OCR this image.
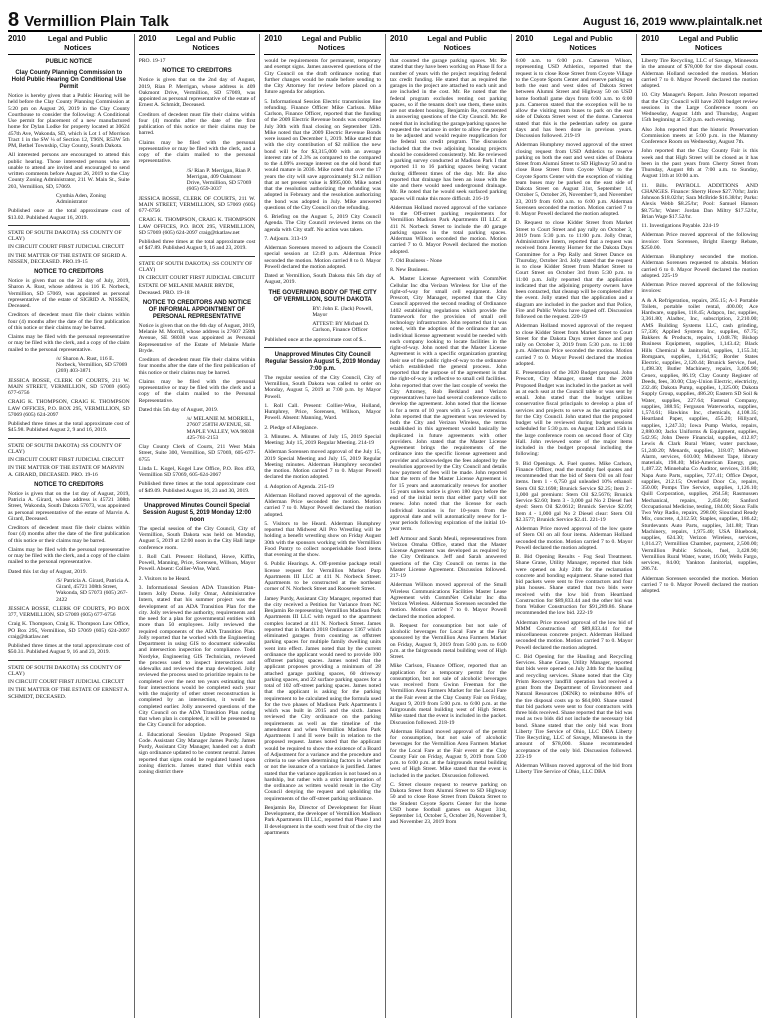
8 Vermillion Plain Talk	August 16, 2019 www.plaintalk.net
2010	Legal and Public
Notices
PUBLIC NOTICE
Clay County Planning Commission to Hold Public Hearing On Conditional Use Permit
Notice is hereby given that a Public Hearing will be held before the Clay County Planning Commission at 5:20 pm on August 26, 2019 in the Clay County Courthouse to consider the following: A Conditional Use permit for placement of a new manufactured home for Dylan Lodke for property located at 30624 457th Ave, Wakonda, SD, which is Lot 1 of Morrison Tract 1 in the SW ¼ of Section 12, T96N, R53W 5th PM, Bethel Township, Clay County, South Dakota.
All interested persons are encouraged to attend this public hearing. Those interested persons who are unable to attend are invited and encouraged to send written comments before August 26, 2019 to the Clay County Zoning Administrator, 211 W. Main St., Suite 203, Vermillion, SD, 57069.
Cynthia Aden, Zoning Administrator
Published once at the total approximate cost of $13.02. Published August 16, 2019.
STATE OF SOUTH DAKOTA) :SS COUNTY OF CLAY)
IN CIRCUIT COURT FIRST JUDICIAL CIRCUIT
IN THE MATTER OF THE ESTATE OF SIGRID A. NISSEN, DECEASED. PRO.19-15
NOTICE TO CREDITORS
Notice is given that on the 24 day of July, 2019, Sharon A. Rust, whose address is 116 E. Norbeck, Vermillion, SD 57069, was appointed as personal representative of the estate of SIGRID A. NISSEN, Deceased.
Creditors of decedent must file their claims within four (4) months after the date of the first publication of this notice or their claims may be barred.
Claims may be filed with the personal representative or may be filed with the clerk, and a copy of the claim mailed to the personal representative.
/s/ Sharon A. Rust, 116 E. Norbeck, Vermillion, SD 57069 (269) 403-3871
JESSICA BOSSE, CLERK OF COURTS, 211 W. MAIN STREET, VERMILLION, SD 57069 (605) 677-6756
CRAIG K. THOMPSON, CRAIG K. THOMPSON LAW OFFICES, P.O. BOX 295, VERMILLION, SD 57069 (605) 624-2097
Published three times at the total approximate cost of $45.98. Published August 2, 9 and 16, 2019.
STATE OF SOUTH DAKOTA) :SS COUNTY OF CLAY)
IN CIRCUIT COURT FIRST JUDICIAL CIRCUIT
IN THE MATTER OF THE ESTATE OF MARVIN A. GIRARD, DECEASED. PRO. 19-16
NOTICE TO CREDITORS
Notice is given that on the 1st day of August, 2019, Patricia A. Girard, whose address is 45721 308th Street, Wakonda, South Dakota 57073, was appointed as personal representative of the estate of Marvin A. Girard, Deceased.
Creditors of decedent must file their claims within four (4) months after the date of the first publication of this notice or their claims may be barred.
Claims may be filed with the personal representative or may be filed with the clerk, and a copy of the claim mailed to the personal representative.
Dated this 1st day of August, 2019.
/S/ Patricia A. Girard, Patricia A. Girard, 45721 308th Street, Wakonda, SD 57073 (605) 267-2422
JESSICA BOSSE, CLERK OF COURTS, PO BOX 377, VERMILLION, SD 57069 (605) 677-6756
Craig K. Thompson, Craig K. Thompson Law Office, PO Box 295, Vermillion, SD 57069 (605) 624-2097 craig@tkatlaw.net
Published three times at the total approximate cost of $50.31. Published August 9, 16 and 23, 2019.
STATE OF SOUTH DAKOTA) :SS COUNTY OF CLAY)
IN CIRCUIT COURT FIRST JUDICIAL CIRCUIT
IN THE MATTER OF THE ESTATE OF ERNEST A. SCHMIDT, DECEASED.
2010	Legal and Public
Notices
PRO. 19-17
NOTICE TO CREDITORS
Notice is given that on the 2nd day of August, 2019, Rian P. Merrigan, whose address is 409 Oakmont Drive, Vermillion, SD 57069, was appointed as personal representative of the estate of Ernest A. Schmidt, Deceased.
Creditors of decedent must file their claims within four (4) months after the date of the first publication of this notice or their claims may be barred.
Claims may be filed with the personal representative or may be filed with the clerk, and a copy of the claim mailed to the personal representative.
/S/ Rian P. Merrigan, Rian P. Merrigan, 409 Oakmont Drive, Vermillion, SD 57069 (605) 659-3037
JESSICA BOSSE, CLERK OF COURTS, 211 W. MAIN STREET, VERMILLION, SD 57069 (605) 677-6756
CRAIG K. THOMPSON, CRAIG K. THOMPSON LAW OFFICES, P.O. BOX 295, VERMILLION, SD 57069 (605) 624-2097 craig@tkatlaw.net
Published three times at the total approximate cost of $47.89. Published August 9, 16 and 23, 2019.
STATE OF SOUTH DAKOTA) :SS COUNTY OF CLAY)
IN CIRCUIT COURT FIRST JUDICIAL CIRCUIT
ESTATE OF MELANIE MARIE BRYDE, Deceased. PRO. 19-18
NOTICE TO CREDITORS AND NOTICE OF INFORMAL APPOINTMENT OF PERSONAL REPRESENTATIVE
Notice is given that on the 6th day of August, 2019, Melanie M. Morrill, whose address is 27607 258th Avenue, SE 98038 was appointed as Personal Representative of the Estate of Melanie Marie Bryde.
Creditors of decedent must file their claims within four months after the date of the first publication of this notice or their claims may be barred.
Claims may be filed with the personal representative or may be filed with the clerk and a copy of the claim mailed to the Personal Representative.
Dated this 5th day of August, 2019.
/s/ MELANIE M. MORRILL, 27607 258TH AVENUE, SE MAPLE VALLEY, WA 98038 425-761-2153
Clay County Clerk of Courts, 211 West Main Street, Suite 300, Vermillion, SD 57069, 605-677-6755
Linda L. Kogel, Kogel Law Office, P.O. Box 493, Vermillion SD 57069, 605-624-2067
Published three times at the total approximate cost of $49.09. Published August 16, 23 and 30, 2019.
Unapproved Minutes Council Special Session August 5, 2019 Monday 12:00 noon
The special session of the City Council, City of Vermillion, South Dakota was held on Monday, August 5, 2019 at 12:00 noon in the City Hall large conference room.
1. Roll Call. Present: Holland, Howe, Kiffin, Powell, Manning, Price, Sorensen, Willson, Mayor Powell. Absent: Collier-Wise, Ward.
2. Visitors to be Heard.
3. Informational Session ADA Transition Plan-Intern Jolly Dorse. Jolly Omar, Administrative Intern, stated that his summer project was the development of an ADA Transition Plan for the city. Jolly reviewed the authority, requirements and the need for a plan for governmental entities with more than 50 employees. Jolly reviewed the required components of the ADA Transition Plan. Jolly reported that he worked with the Engineering Department in using GIS to document sidewalks and intersection inspection for compliance. Todd Nordyke, Engineering GIS Technician, reviewed the process used to inspect intersections and sidewalks and reviewed the map developed. Jolly reviewed the process used to prioritize repairs to be completed over the next ten years estimating that four intersections would be completed each year with the majority of other street reconstruction is completed by an intersection, it would be completed earlier. Jolly answered questions of the City Council on the ADA Transition Plan noting that when plan is completed, it will be presented to the City Council for adoption.
4. Educational Session Update Proposed Sign Code. Assistant City Manager James Purdy. James Purdy, Assistant City Manager, handed out a draft sign ordinance updated to be content neutral. James reported that signs could be regulated based upon zoning districts. James stated that within each zoning district there
2010	Legal and Public
Notices
would be requirements for permanent, temporary and exempt signs. James answered questions of the City Council on the draft ordinance noting that further changes would be made before sending to the City Attorney for review before placed on a future agenda for adoption.
5. Informational Session Electric transmission line refunding. Finance Officer Mike Carlson. Mike Carlson, Finance Officer, reported that the funding of the 2009 Electric Revenue bonds was completed July 30th with final closing on September 12th. Mike noted that the 2009 Electric Revenue Bonds were issued on December 1, 2019. Mike stated that with the city contribution of $2 million the new bond will be for $3,315,000 with an average interest rate of 2.3% as compared to the compared to the 4.09% average interest on the old bond that would mature in 2036. Mike noted that over the 17 years the city will save approximately $1.2 million that at net present value is $995,000. Mike noted that the resolution authorizing the refunding was adopted in February and the resolution authorizing the bond was adopted in July. Mike answered questions of the City Council on the refunding.
6. Briefing on the August 5, 2019 City Council Agenda. The City Council reviewed items on the agenda with City staff. No action was taken.
7. Adjourn. 313-19
Alderman Sorensen moved to adjourn the Council special session at 12:49 p.m. Alderman Price seconded the motion. Motion carried 8 to 0. Mayor Powell declared the motion adopted.
Dated at Vermillion, South Dakota this 5th day of August, 2019.
THE GOVERNING BODY OF THE CITY OF VERMILLION, SOUTH DAKOTA
BY: John E. (Jack) Powell, Mayor
ATTEST: BY Michael D. Carlson, Finance Officer
Published once at the approximate cost of $...
Unapproved Minutes City Council Regular Session August 5, 2019 Monday 7:00 p.m.
The regular session of the City Council, City of Vermillion, South Dakota was called to order on Monday, August 5, 2019 at 7:00 p.m. by Mayor Powell.
1. Roll Call. Present: Collier-Wise, Holland, Humphrey, Price, Sorensen, Willson, Mayor Powell. Absent: Manning, Ward.
2. Pledge of Allegiance.
3. Minutes. A. Minutes of July 15, 2019 Special Meeting; July 15, 2019 Regular Meeting. 214-19
Alderman Sorensen moved approval of the July 15, 2019 Special Meeting and July 15, 2019 Regular Meeting minutes. Alderman Humphrey seconded the motion. Motion carried 7 to 0. Mayor Powell declared the motion adopted.
4. Adoption of Agenda. 215-19
Alderman Holland moved approval of the agenda. Alderman Price seconded the motion. Motion carried 7 to 0. Mayor Powell declared the motion adopted.
5. Visitors to be Heard. Alderman Humphrey reported that Midwest All Pro Wrestling will be holding a benefit wrestling show on Friday August 30th with the sponsors working with the Vermillion Food Pantry to collect nonperishable food items that evening at the show.
6. Public Hearings. A. Off-premise package retail license request for Vermillion Market Parp Apartments III LLC at 411 N. Norbeck Street. Apartments to be constructed at the northeast corner of N. Norbeck Street and Roosevelt Street.
Jamey Purdy, Assistant City Manager, reported that the city received a Petition for Variance from NC Benjamin Re representing Vermillion Madison Park Apartments III LLC with regard to the apartment complex located at 411 N. Norbeck Street. James reported that in March 2018 Ordinance 1367 which eliminated garages from counting as offstreet parking spaces for multiple family dwelling units went into effect. James noted that by the current ordinance the applicant would need to provide 100 offstreet parking spaces. James noted that the applicant proposes providing a minimum of 28 attached garage parking spaces, 60 driveway parking spaces, and 22 surface parking spaces for a total of 102 off-street parking spaces. James noted that the applicant is asking for the parking requirement to be calculated using the formula used for the two phases of Madison Park Apartments I which was built in 2015 and the sixth. James reviewed the City ordinance on the parking requirements as well as the timeline of the amendment and when Vermillion Madison Park Apartments I and II were built in relation to the proposed request. James noted that the applicant would be required to show the existence of a Board of Adjustment for a variance and the procedure and criteria to use when determining factors in whether or not the issuance of a variance is justified. James stated that the variance application is not based on a hardship, but rather with a strict interpretation of the ordinance as written would result in the City Council denying the request and upholding the requirements of the off-street parking ordinance.
Benjamin Re, Director of Development for Hunt Development, the developer of Vermillion Madison Park Apartments III LLC, reported that Phase I and II development in the south west fruit of the city the apartments
2010	Legal and Public
Notices
that counted the garage parking spaces. Mr. Re stated that they have been working on Phase II for a number of years with the project requiring federal tax credit funding. He stated that as required the garages in the project are attached to each unit and are included in the cost. Mr. Re noted that the federal program excludes renting out parking spaces, so if the tenants don't use them, these units are not student housing. Benjamin Re, commented in answering questions of the City Council. Mr. Re noted that in including the garage/parking spaces he requested the variance in order to allow the project to be adjusted and would require reapplication for the federal tax credit program. The discussion included that the two adjoining housing projects should be considered consistently. Mr. Re reviewed a parking survey conducted at Madison Park I that reported 11 to 16 parking spaces being vacant during different times of the day. Mr. Re also reported that drainage has been an issue with the site and there would need underground drainage. Mr. Re noted that he would seek surfaced parking spaces will make this more difficult. 216-19
Alderman Holland moved approval of the variance to the Off-street parking requirements for Vermillion Madison Park Apartments III LLC at 411 N. Norbeck Street to include the 40 garage parking spaces in the total parking spaces. Alderman Willson seconded the motion. Motion carried 7 to 0. Mayor Powell declared the motion adopted.
7. Old Business - None
8. New Business.
A. Master License Agreement with CommNet Cellular Inc dba Verizon Wireless for Use of the right-of-way for small cell equipment. John Prescott, City Manager, reported that the City Council approved the second reading of Ordinance 1402 establishing regulations which provide the framework for the provision of small cell technology infrastructure. John reported that it was noted, with the adoption of the ordinance that an individual license agreement would be needed with each company looking to locate facilities in the right-of-way. John noted that the Master License Agreement is with a specific organization granting their use of the public right-of-way to the ordinance which established the general process. John reported that the purpose of the agreement is that the right-of-way is reflective to small cell facilities. John reported that over the last couple of weeks the City Attorney, Rob Berkland and Verizon representatives have had several conference calls to develop the agreement. John noted that the license is for a term of 10 years with a 5 year extension. John reported that the agreement was reviewed by both the City and Verizon Wireless, the terms established in this agreement would basically be duplicated in future agreements with other providers. John stated that the Master License Agreement brings the requirements of the ordinance into the specific license agreement and provider and acknowledges the fees adopted by the resolution approved by the City Council and details how payment of fees will be made. John reported that the term of the Master License Agreement is for 15 years and automatically renews for another 15 years unless notice is given 180 days before the end of the initial term that either party will not renew. John noted that the license for each individual location is for 10-years from the approval date and will automatically renew for 1-year periods following expiration of the initial 10-year term.
Jeff Armour and Sarah Meuli, representatives from Verizon Omaha Office, stated that the Master License Agreement was developed as required by the City Ordinance. Jeff and Sarah answered questions of the City Council on terms in the Master License Agreement. Discussion followed. 217-19
Alderman Willson moved approval of the Small Wireless Communications Facilities Master Lease Agreement with CommNet Cellular Inc dba Verizon Wireless. Alderman Sorensen seconded the motion. Motion carried 7 to 0. Mayor Powell declared the motion adopted.
B. Request for consumption but not sale of alcoholic beverages for Local Fare at the Fair sponsored by the Vermillion Area Farmers Market on Friday, August 9, 2019 from 5:00 p.m. to 6:00 p.m. at the fairgrounds metal building west of High Street.
Mike Carlson, Finance Officer, reported that an application for a temporary permit for the consumption, but not sale of alcoholic beverages was received from Gwinn Freeman for the Vermillion Area Farmers Market for the Local Fare at the Fair event at the Clay County Fair on Friday, August 9, 2019 from 5:00 p.m. to 6:00 p.m. at the fairgrounds metal building west of High Street. Mike stated that the event is included in the packet. Discussion followed. 218-19
Alderman Holland moved approval of the permit for consumption, but not sale of alcoholic beverages for the Vermillion Area Farmers Market for the Local Fare at the Fair event at the Clay County Fair on Friday, August 9, 2019 from 5:00 p.m. to 6:00 p.m. at the fairgrounds metal building west of High Street. Mike stated that the event is included in the packet. Discussion followed.
C. Street closure request to reserve parking on Dakota Street from Alumni Street to SD Highway 50 and to close Rose Street from Dakota Street to the Student Coyote Sports Center for the home USD home football games on August 31st, September 14, October 5, October 26, November 9, and November 23, 2019 from
2010	Legal and Public
Notices
6:00 a.m. to 6:00 p.m. Cameron Wilson, representing USD Athletics, reported that the request is to close Rose Street from Coyote Village to the Coyote Sports Center and reserve parking on both the east and west sides of Dakota Street between Alumni Street and Highway 50 on USD home football game days from 6:00 a.m. to 6:00 p.m. Cameron stated that the exception will be to allow the visiting team buses to park on the east side of Dakota Street west of the dome. Cameron stated that this is the pedestrian safety on game days and has been done in previous years. Discussion followed. 219-19
Alderman Humphrey moved approval of the street closing request from USD Athletics to reserve parking on both the east and west sides of Dakota Street from Alumni Street to SD Highway 50 and to close Rose Street from Coyote Village to the Coyote Sports Center with the exception of visiting team buses may be parked on the east side of Dakota Street on August 31st, September 14, October 5, October 26, November 9, and November 23, 2019 from 6:00 a.m. to 6:00 p.m. Alderman Sorensen seconded the motion. Motion carried 7 to 0. Mayor Powell declared the motion adopted.
D. Request to close Kidder Street from Market Street to Court Street and pay rally on October 3, 2019 from 5:30 p.m. to 11:00 p.m. Jolly Omar, Administrative Intern, reported that a request was received from Jeremy Horner for the Dakota Days Committee for a Pep Rally and Street Dance on Thursday, October 3rd. Jolly stated that the request is to close Kidder Street from Market Street to Court Street on October 3rd from 5:30 p.m. to 11:00 p.m. Jolly reported that the application indicated that the adjoining property owners have been contacted, that cleanup will be completed after the event. Jolly stated that the application and a diagram are included in the packet and that Police, Fire and Public Works have signed off. Discussion followed on the request. 220-19
Alderman Holland moved approval of the request to close Kidder Street from Market Street to Court Street for the Dakota Days street dance and pep rally on October 3, 2019 from 5:30 p.m. to 11:00 p.m. Alderman Price seconded the motion. Motion carried 7 to 0. Mayor Powell declared the motion adopted.
E. Presentation of the 2020 Budget proposal. John Prescott, City Manager, stated that the 2020 Proposed Budget was included in the packet as well as at each seat at the Council table or was sent by email. John stated that the budget utilizes conservative fiscal principals to develop a plan of services and projects to serve as the starting point for the City Council. John stated that the proposed budget will be reviewed during budget sessions scheduled for 5:30 p.m. on August 12th and 15th in the large conference room on second floor of City Hall. John reviewed some of the major items included in the budget proposal including the following:
9. Bid Openings. A. Fuel quotes. Mike Carlson, Finance Officer, read the monthly fuel quotes and recommended that the bid of Stern Oil on all four items. Item 1 - 6,750 gal unleaded 10% ethanol: Stern Oil $2.1698; Brunick Service $2.25; Item 2 - 1,000 gal premium: Stern Oil $2.5676; Brunick Service $2.60; Item 3 - 3,000 gal No 2 Diesel fuel dyed: Stern Oil $2.0612; Brunick Service $2.09; Item 4 - 1,000 gal No 2 Diesel clear: Stern Oil $2.3577; Brunick Service $2.41. 221-19
Alderman Price moved approval of the low quote of Stern Oil on all four items. Alderman Holland seconded the motion. Motion carried 7 to 0. Mayor Powell declared the motion adopted.
B. Bid Opening Results - Fog Seal Treatment. Shane Grane, Utility Manager, reported that bids were opened on July 24th for the reclamation concrete and bonding equipment. Shane noted that bid packets were sent to five contractors and four plan houses. Shane stated that two bids were received with the low bid from Heartland Construction for $89,833.44 and the other bid was from Walker Construction for $91,289.86. Shane recommended the low bid. 222-19
Alderman Price moved approval of the low bid of MMM Construction of $89,833.44 for the miscellaneous concrete project. Alderman Holland seconded the motion. Motion carried 7 to 0. Mayor Powell declared the motion adopted.
C. Bid Opening for the Hauling and Recycling Services. Shane Grane, Utility Manager, reported that bids were opened on July 24th for the hauling and recycling services. Shane noted that the City Prism Recovery landfill operation had received a grant from the Department of Environment and Natural Resources (DENR) to reimburse 80% of the tire disposal costs up to $64,000. Shane stated that bid packets were sent to four contractors with three bids received. Shane reported that the bid was read as two bids did not include the necessary bid bond. Shane stated that the only bid was from Liberty Tire Service of Ohio, LLC DBA Liberty Tire Recycling, LLC of Savage, Minnesota in the amount of $78,000. Shane recommended acceptance of the only bid. Discussion followed. 223-19
Alderman Willson moved approval of the bid from Liberty Tire Service of Ohio, LLC DBA
2010	Legal and Public
Notices
Liberty Tire Recycling, LLC of Savage, Minnesota in the amount of $78,000 for tire disposal costs. Alderman Holland seconded the motion. Motion carried 7 to 0. Mayor Powell declared the motion adopted.
10. City Manager's Report. John Prescott reported that the City Council will have 2020 budget review sessions in the Large Conference room on Wednesday, August 14th and Thursday, August 15th beginning at 5:30 p.m. each evening.
Also John reported that the historic Preservation Commission meets at 5:00 p.m. in the Mammy Conference Room on Wednesday, August 7th.
John reported that the Clay County Fair is this week and that High Street will be closed as it has been in the past years from Cherry Street from Thursday, August 8th at 7:00 a.m. to Sunday, August 11th at 10:00 a.m.
11. Bills. PAYROLL ADDITIONS AND CHANGES. Finance: Sherry Howe $27.70/hr; Jarin Johnson $18.02/hr; Sara McBride $16.38/hr; Parks: Alexis Webb $8.25/hr; Pool: Samuel Hanson $8.75/hr; Water: Jordan Dan Miltry $17.52/hr, Brian Wage $17.52/hr.
11. Investigations Payable. 224-19
Alderman Price moved approval of the following invoice: Tom Sorensen, Bright Energy Rebate, $250.00.
Alderman Humphrey seconded the motion. Alderman Sorensen requested to abstain. Motion carried 6 to 0. Mayor Powell declared the motion adopted. 225-19
Alderman Price moved approval of the following invoices:
A & A Refrigeration, repairs, 265.15; A-1 Portable Toilets, portable toilet rental, 400.00; Ace Hardware, supplies, 118.45; Adapco, Inc, supplies, 3,361.80; Aladtec, Inc, subscription, 2,210.00; AMS Building Systems LLC, cash grinding, 57,336; Applied Systems Inc, supplies, 67.75; Bakkers & Products, repairs, 1,048.78; Bishop Business Equipment, supplies, 1,143.42; Black Hills Chemical & Janitorial, supplies, 1,155.34; Bomgaars, supplies, 1,164.95; Border States Electric, supplies, 2,120.44; Brunick Service, fuel, 1,498.30; Butler Machinery, repairs, 3,406.90; Cenex, supplies, 86.19; Clay County Register of Deeds, fees, 30.00; Clay-Union Electric, electricity, 232.46; Dakota Pump, supplies, 1,325.00; Dakota Supply Group, supplies, 486.20; Eastern SD Soil & Water, supplies, 227.64; Fastenal Company, supplies, 388.95; Ferguson Waterworks, supplies, 1,574.61; Hawkins Inc, chemicals, 4,108.35; Heartland Paper, supplies, 455.20; Hillyard, supplies, 1,247.33; Iowa Pump Works, repairs, 2,880.00; Jacks Uniforms & Equipment, supplies, 542.95; John Deere Financial, supplies, 412.87; Lewis & Clark Rural Water, water purchase, 51,240.20; Menards, supplies, 318.07; Midwest Alarm, services, 610.00; Midwest Tape, library materials, 198.40; Mid-American Energy, gas, 1,487.22; Minnehaha Co Auditor, services, 316.80; Napa Auto Parts, supplies, 727.41; Office Depot, supplies, 212.15; Overhead Door Co, repairs, 350.00; Pomps Tire Service, supplies, 1,126.10; Quill Corporation, supplies, 264.58; Rasmussen Mechanical, repairs, 2,450.00; Sanford Occupational Medicine, testing, 184.00; Sioux Falls Two Way Radio, repairs, 298.00; Siouxland Ready Mix, concrete, 4,312.50; Staples, supplies, 186.42; Sturdevants Auto Parts, supplies, 341.88; Titan Machinery, repairs, 1,975.40; USA Bluebook, supplies, 624.30; Verizon Wireless, services, 1,014.27; Vermillion Chamber, payment, 2,500.00; Vermillion Public Schools, fuel, 3,428.90; Vermillion Rural Water, water, 16.00; Wells Fargo, services, 84.00; Yankton Janitorial, supplies, 286.74.
Alderman Sorensen seconded the motion. Motion carried 7 to 0. Mayor Powell declared the motion adopted.
